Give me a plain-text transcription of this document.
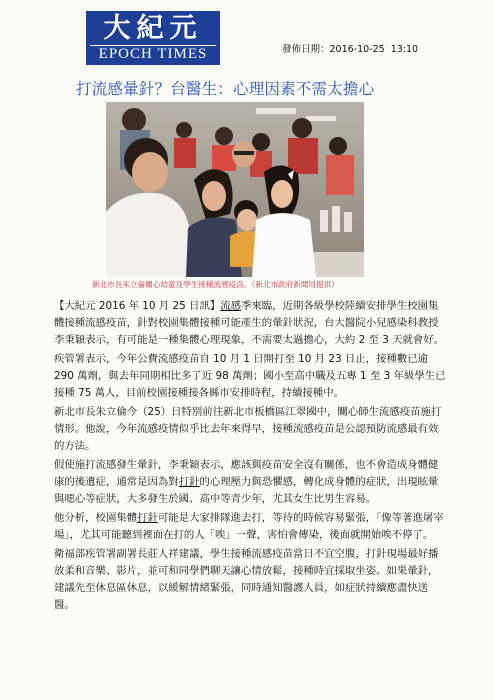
大紀元
EPOCH TIMES	發佈日期：2016-10-25 13:10
打流感暈針？台醫生：心理因素不需太擔心
新北市長朱立倫關心幼童及學生接種流感疫苗。（新北市政府新聞局提供）

【大紀元 2016 年 10 月 25 日訊】流感季來臨，近期各級學校陸續安排學生校園集體接種流感疫苗，針對校園集體接種可能產生的暈針狀況，台大醫院小兒感染科教授李秉穎表示，有可能是一種集體心理現象，不需要太過擔心，大約 2 至 3 天就會好。

疾管署表示，今年公費流感疫苗自 10 月 1 日開打至 10 月 23 日止，接種數已逾 290 萬劑，與去年同期相比多了近 98 萬劑；國小至高中職及五專 1 至 3 年級學生已接種 75 萬人，目前校園接種接各縣市安排時程，持續接種中。

新北市長朱立倫今（25）日特別前往新北市板橋區江翠國中，關心師生流感疫苗施打情形。他說，今年流感疫情似乎比去年來得早，接種流感疫苗是公認預防流感最有效的方法。

假使施打流感發生暈針，李秉穎表示，應該與疫苗安全沒有關係，也不會造成身體健康的後遺症，通常是因為對打針的心理壓力與恐懼感，轉化成身體的症狀，出現眩暈與噁心等症狀，大多發生於國、高中等青少年，尤其女生比男生容易。

他分析，校園集體打針可能是大家排隊進去打，等待的時候容易緊張，「像等著進屠宰場」，尤其可能聽到裡面在打的人「唉」一聲，害怕會傳染，後面就開始唉不停了。

衛福部疾管署副署長莊人祥建議，學生接種流感疫苗當日不宜空腹，打針現場最好播放柔和音樂、影片，並可和同學們聊天讓心情放鬆，接種時宜採取坐姿。如果暈針，建議先至休息區休息，以緩解情緒緊張，同時通知醫護人員，如症狀持續應盡快送醫。
